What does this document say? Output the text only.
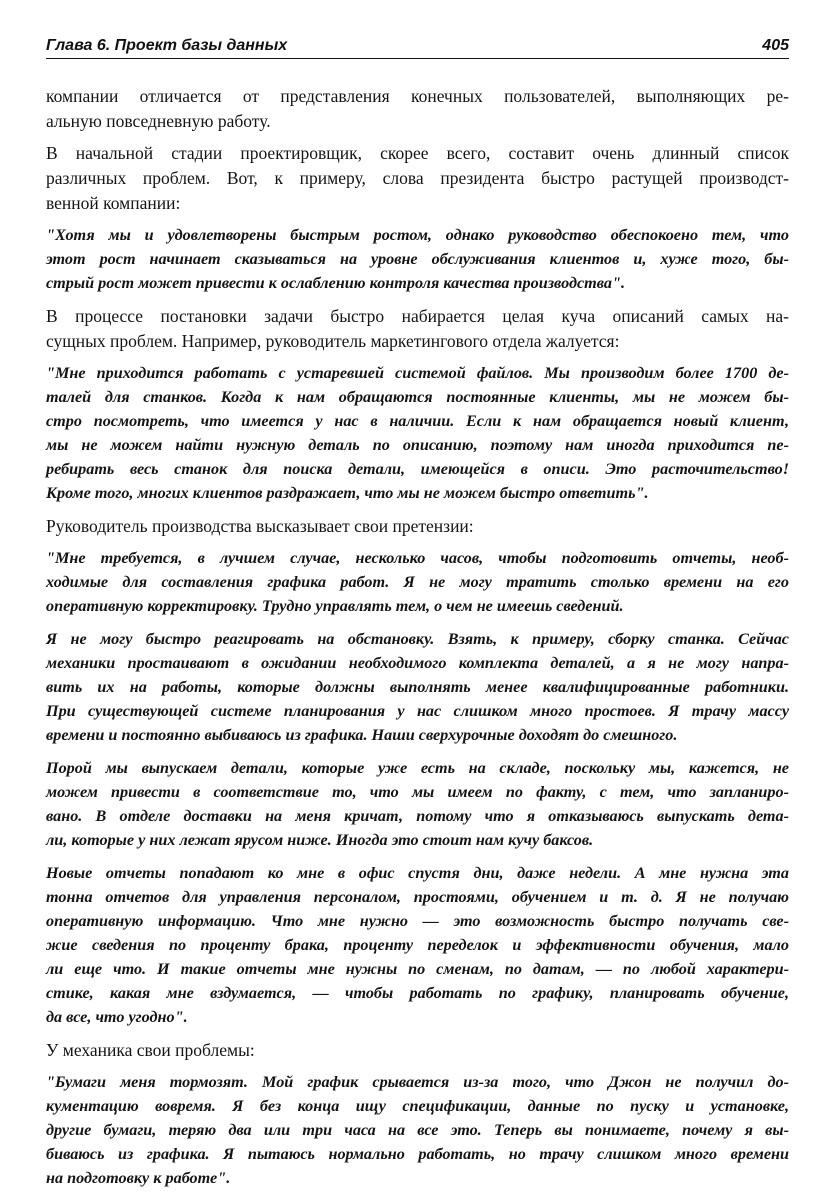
Глава 6. Проект базы данных	405
компании отличается от представления конечных пользователей, выполняющих ре-
альную повседневную работу.
В начальной стадии проектировщик, скорее всего, составит очень длинный список
различных проблем. Вот, к примеру, слова президента быстро растущей производст-
венной компании:
"Хотя мы и удовлетворены быстрым ростом, однако руководство обеспокоено тем, что
этот рост начинает сказываться на уровне обслуживания клиентов и, хуже того, бы-
стрый рост может привести к ослаблению контроля качества производства".
В процессе постановки задачи быстро набирается целая куча описаний самых на-
сущных проблем. Например, руководитель маркетингового отдела жалуется:
"Мне приходится работать с устаревшей системой файлов. Мы производим более 1700 де-
талей для станков. Когда к нам обращаются постоянные клиенты, мы не можем бы-
стро посмотреть, что имеется у нас в наличии. Если к нам обращается новый клиент,
мы не можем найти нужную деталь по описанию, поэтому нам иногда приходится пе-
ребирать весь станок для поиска детали, имеющейся в описи. Это расточительство!
Кроме того, многих клиентов раздражает, что мы не можем быстро ответить".
Руководитель производства высказывает свои претензии:
"Мне требуется, в лучшем случае, несколько часов, чтобы подготовить отчеты, необ-
ходимые для составления графика работ. Я не могу тратить столько времени на его
оперативную корректировку. Трудно управлять тем, о чем не имеешь сведений.
Я не могу быстро реагировать на обстановку. Взять, к примеру, сборку станка. Сейчас
механики простаивают в ожидании необходимого комплекта деталей, а я не могу напра-
вить их на работы, которые должны выполнять менее квалифицированные работники.
При существующей системе планирования у нас слишком много простоев. Я трачу массу
времени и постоянно выбиваюсь из графика. Наши сверхурочные доходят до смешного.
Порой мы выпускаем детали, которые уже есть на складе, поскольку мы, кажется, не
можем привести в соответствие то, что мы имеем по факту, с тем, что запланиро-
вано. В отделе доставки на меня кричат, потому что я отказываюсь выпускать дета-
ли, которые у них лежат ярусом ниже. Иногда это стоит нам кучу баксов.
Новые отчеты попадают ко мне в офис спустя дни, даже недели. А мне нужна эта
тонна отчетов для управления персоналом, простоями, обучением и т. д. Я не получаю
оперативную информацию. Что мне нужно — это возможность быстро получать све-
жие сведения по проценту брака, проценту переделок и эффективности обучения, мало
ли еще что. И такие отчеты мне нужны по сменам, по датам, — по любой характери-
стике, какая мне вздумается, — чтобы работать по графику, планировать обучение,
да все, что угодно".
У механика свои проблемы:
"Бумаги меня тормозят. Мой график срывается из-за того, что Джон не получил до-
кументацию вовремя. Я без конца ищу спецификации, данные по пуску и установке,
другие бумаги, теряю два или три часа на все это. Теперь вы понимаете, почему я вы-
биваюсь из графика. Я пытаюсь нормально работать, но трачу слишком много времени
на подготовку к работе".
